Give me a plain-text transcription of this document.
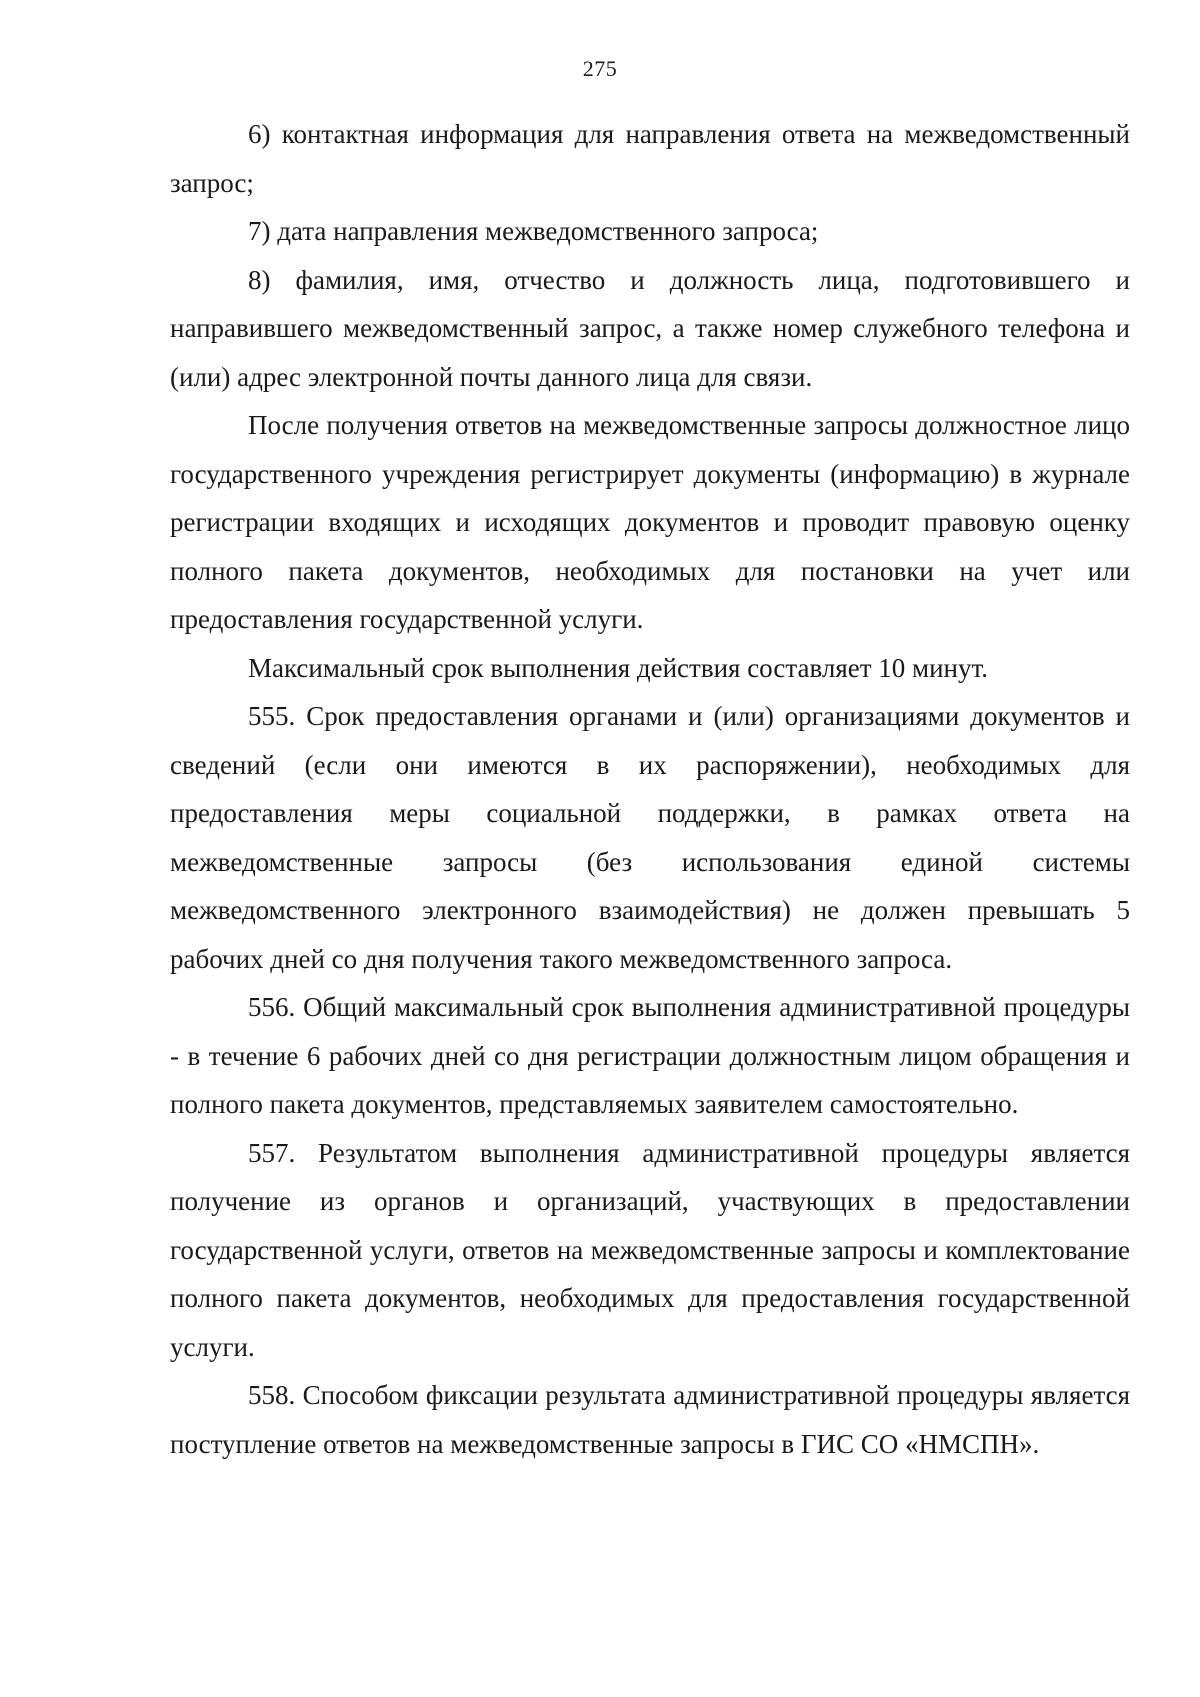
275

6) контактная информация для направления ответа на межведомственный запрос;

7) дата направления межведомственного запроса;

8) фамилия, имя, отчество и должность лица, подготовившего и направившего межведомственный запрос, а также номер служебного телефона и (или) адрес электронной почты данного лица для связи.

После получения ответов на межведомственные запросы должностное лицо государственного учреждения регистрирует документы (информацию) в журнале регистрации входящих и исходящих документов и проводит правовую оценку полного пакета документов, необходимых для постановки на учет или предоставления государственной услуги.

Максимальный срок выполнения действия составляет 10 минут.

555. Срок предоставления органами и (или) организациями документов и сведений (если они имеются в их распоряжении), необходимых для предоставления меры социальной поддержки, в рамках ответа на межведомственные запросы (без использования единой системы межведомственного электронного взаимодействия) не должен превышать 5 рабочих дней со дня получения такого межведомственного запроса.

556. Общий максимальный срок выполнения административной процедуры - в течение 6 рабочих дней со дня регистрации должностным лицом обращения и полного пакета документов, представляемых заявителем самостоятельно.

557. Результатом выполнения административной процедуры является получение из органов и организаций, участвующих в предоставлении государственной услуги, ответов на межведомственные запросы и комплектование полного пакета документов, необходимых для предоставления государственной услуги.

558. Способом фиксации результата административной процедуры является поступление ответов на межведомственные запросы в ГИС СО «НМСПН».
